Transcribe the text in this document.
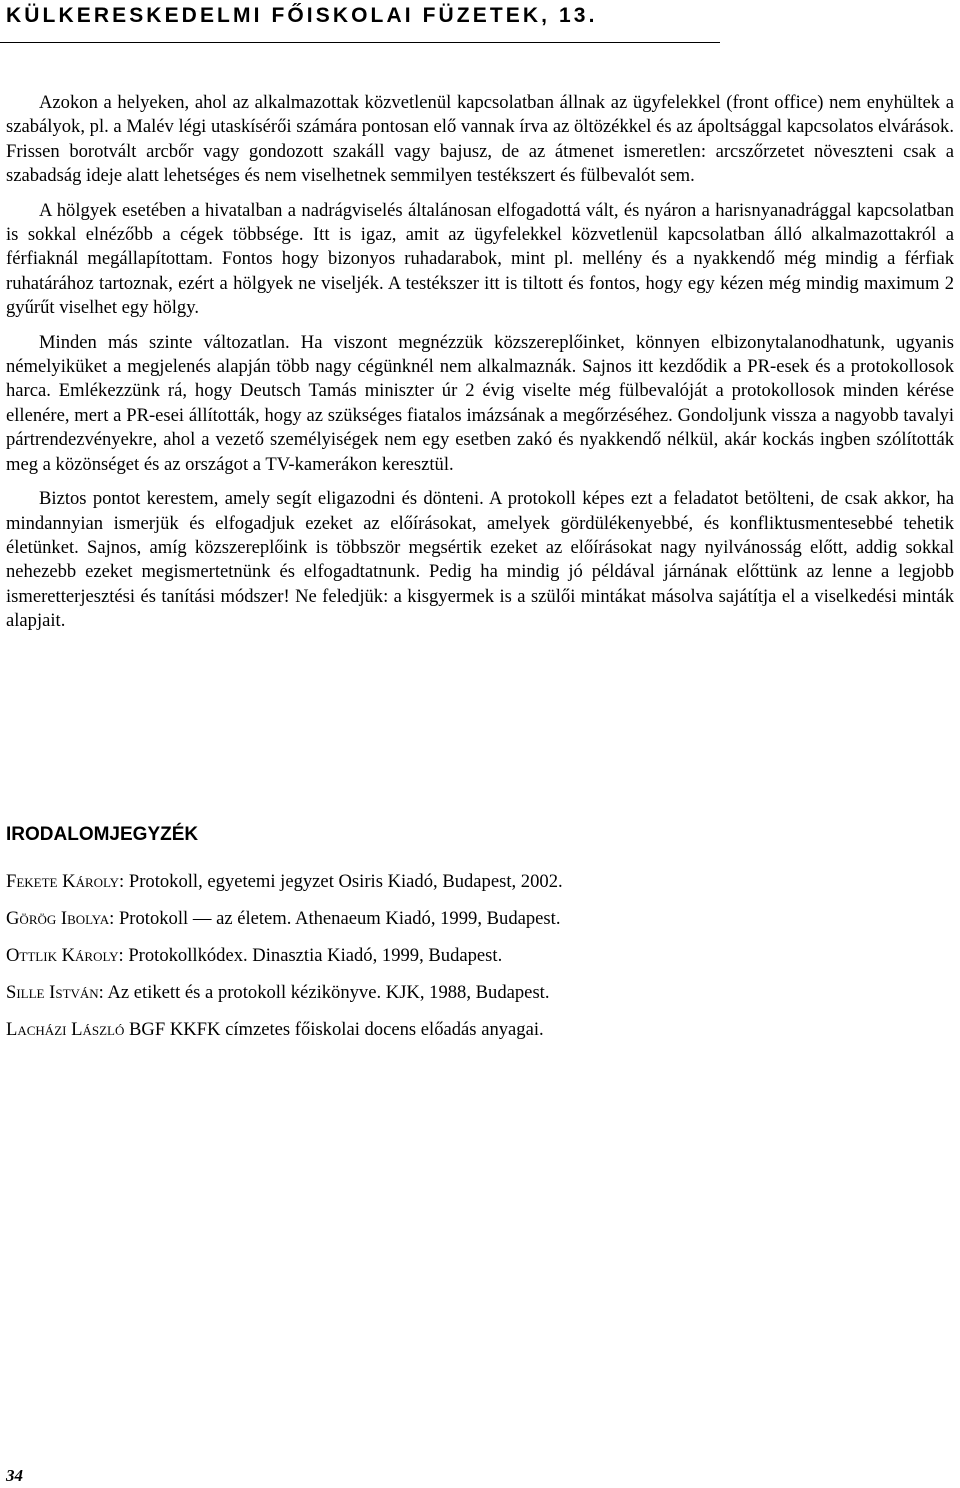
KÜLKERESKEDELMI FŐISKOLAI FÜZETEK, 13.

Azokon a helyeken, ahol az alkalmazottak közvetlenül kapcsolatban állnak az ügyfelekkel (front office) nem enyhültek a szabályok, pl. a Malév légi utaskísérői számára pontosan elő vannak írva az öltözékkel és az ápoltsággal kapcsolatos elvárások. Frissen borotvált arcbőr vagy gondozott szakáll vagy bajusz, de az átmenet ismeretlen: arcszőrzetet növeszteni csak a szabadság ideje alatt lehetséges és nem viselhetnek semmilyen testékszert és fülbevalót sem.

A hölgyek esetében a hivatalban a nadrágviselés általánosan elfogadottá vált, és nyáron a harisnyanadrággal kapcsolatban is sokkal elnézőbb a cégek többsége. Itt is igaz, amit az ügyfelekkel közvetlenül kapcsolatban álló alkalmazottakról a férfiaknál megállapítottam. Fontos hogy bizonyos ruhadarabok, mint pl. mellény és a nyakkendő még mindig a férfiak ruhatárához tartoznak, ezért a hölgyek ne viseljék. A testékszer itt is tiltott és fontos, hogy egy kézen még mindig maximum 2 gyűrűt viselhet egy hölgy.

Minden más szinte változatlan. Ha viszont megnézzük közszereplőinket, könnyen elbizonytalanodhatunk, ugyanis némelyiküket a megjelenés alapján több nagy cégünknél nem alkalmaznák. Sajnos itt kezdődik a PR-esek és a protokollosok harca. Emlékezzünk rá, hogy Deutsch Tamás miniszter úr 2 évig viselte még fülbevalóját a protokollosok minden kérése ellenére, mert a PR-esei állították, hogy az szükséges fiatalos imázsának a megőrzéséhez. Gondoljunk vissza a nagyobb tavalyi pártrendezvényekre, ahol a vezető személyiségek nem egy esetben zakó és nyakkendő nélkül, akár kockás ingben szólították meg a közönséget és az országot a TV-kamerákon keresztül.

Biztos pontot kerestem, amely segít eligazodni és dönteni. A protokoll képes ezt a feladatot betölteni, de csak akkor, ha mindannyian ismerjük és elfogadjuk ezeket az előírásokat, amelyek gördülékenyebbé, és konfliktusmentesebbé tehetik életünket. Sajnos, amíg közszereplőink is többször megsértik ezeket az előírásokat nagy nyilvánosság előtt, addig sokkal nehezebb ezeket megismertetnünk és elfogadtatnunk. Pedig ha mindig jó példával járnának előttünk az lenne a legjobb ismeretterjesztési és tanítási módszer! Ne feledjük: a kisgyermek is a szülői mintákat másolva sajátítja el a viselkedési minták alapjait.

IRODALOMJEGYZÉK

Fekete Károly: Protokoll, egyetemi jegyzet Osiris Kiadó, Budapest, 2002.

Görög Ibolya: Protokoll — az életem. Athenaeum Kiadó, 1999, Budapest.

Ottlik Károly: Protokollkódex. Dinasztia Kiadó, 1999, Budapest.

Sille István: Az etikett és a protokoll kézikönyve. KJK, 1988, Budapest.

Lacházi László BGF KKFK címzetes főiskolai docens előadás anyagai.

34
